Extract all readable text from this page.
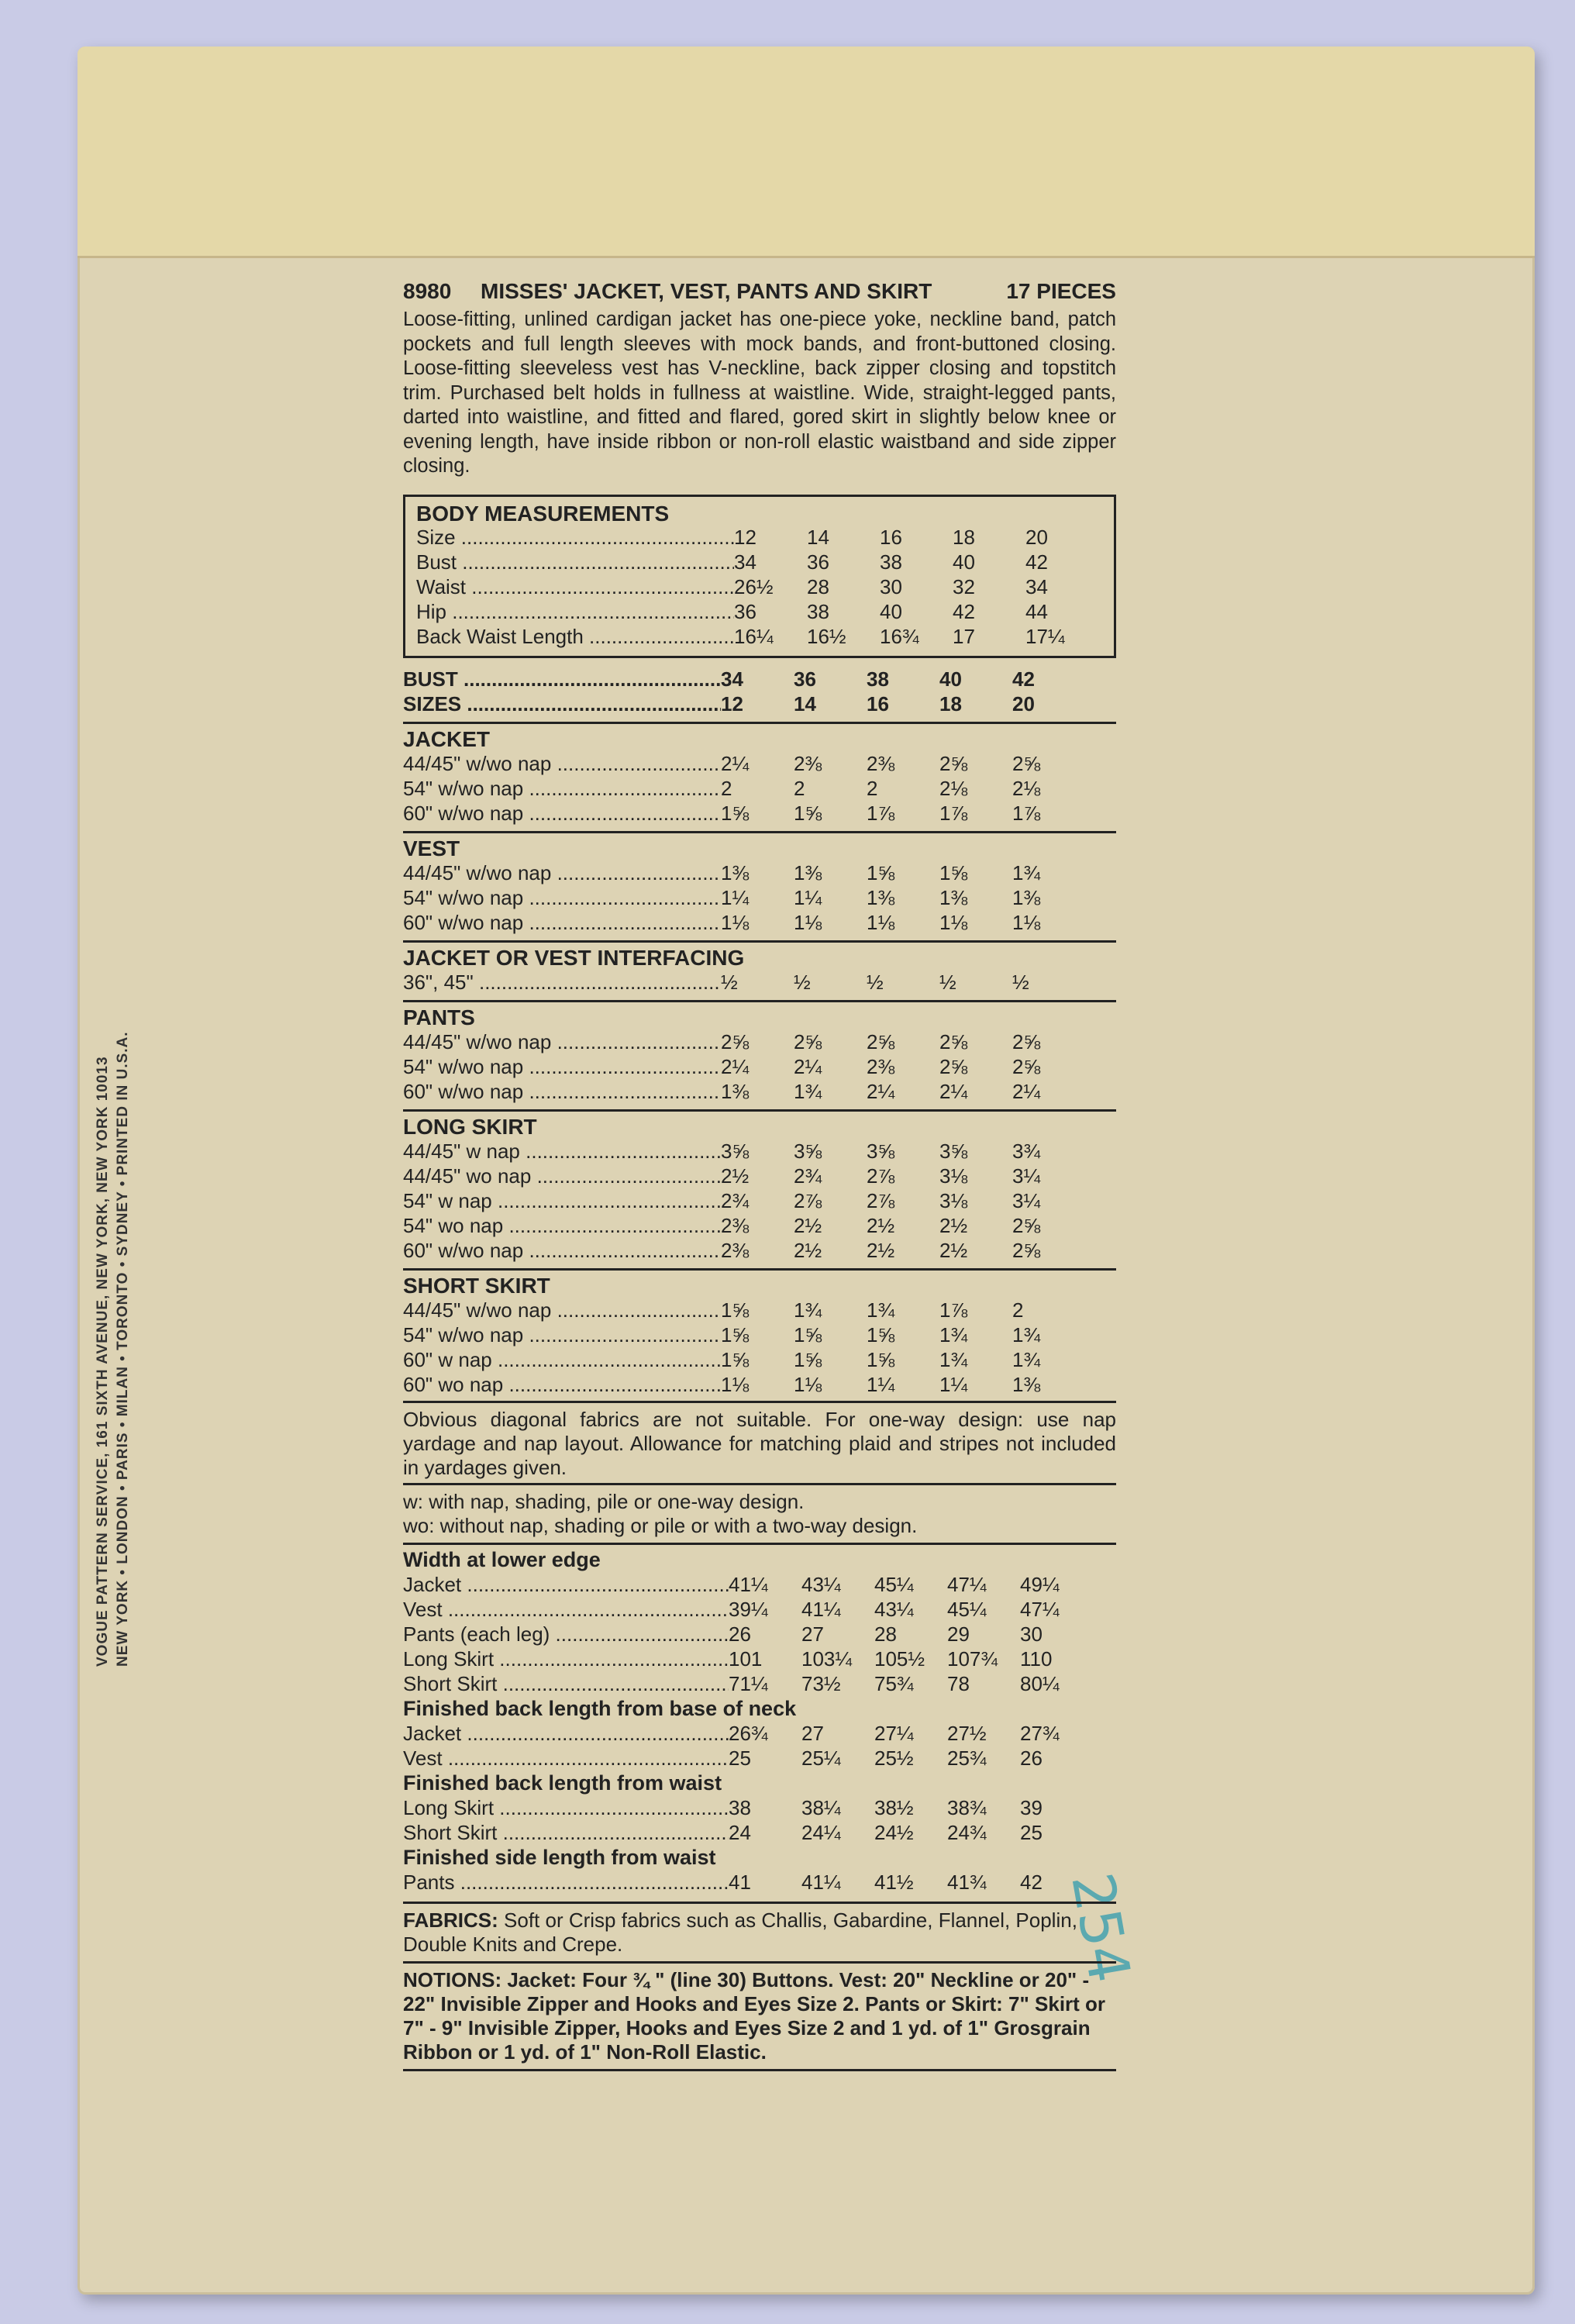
VOGUE PATTERN SERVICE, 161 SIXTH AVENUE, NEW YORK, NEW YORK 10013 NEW YORK • LONDON • PARIS • MILAN • TORONTO • SYDNEY • PRINTED IN U.S.A.
254
8980	MISSES' JACKET, VEST, PANTS AND SKIRT	17 PIECES
Loose-fitting, unlined cardigan jacket has one-piece yoke, neckline band, patch pockets and full length sleeves with mock bands, and front-buttoned closing. Loose-fitting sleeveless vest has V-neckline, back zipper closing and topstitch trim. Purchased belt holds in fullness at waistline. Wide, straight-legged pants, darted into waistline, and fitted and flared, gored skirt in slightly below knee or evening length, have inside ribbon or non-roll elastic waistband and side zipper closing.
BODY MEASUREMENTS
Size .....	12	14	16	18	20
Bust .....	34	36	38	40	42
Waist .....	26½	28	30	32	34
Hip .....	36	38	40	42	44
Back Waist Length .....	16¼	16½	16¾	17	17¼
BUST .....	34	36	38	40	42
SIZES .....	12	14	16	18	20
JACKET
44/45" w/wo nap .....	2¼	2⅜	2⅜	2⅝	2⅝
54" w/wo nap .....	2	2	2	2⅛	2⅛
60" w/wo nap .....	1⅝	1⅝	1⅞	1⅞	1⅞
VEST
44/45" w/wo nap .....	1⅜	1⅜	1⅝	1⅝	1¾
54" w/wo nap .....	1¼	1¼	1⅜	1⅜	1⅜
60" w/wo nap .....	1⅛	1⅛	1⅛	1⅛	1⅛
JACKET OR VEST INTERFACING
36", 45" .....	½	½	½	½	½
PANTS
44/45" w/wo nap .....	2⅝	2⅝	2⅝	2⅝	2⅝
54" w/wo nap .....	2¼	2¼	2⅜	2⅝	2⅝
60" w/wo nap .....	1⅜	1¾	2¼	2¼	2¼
LONG SKIRT
44/45" w nap .....	3⅝	3⅝	3⅝	3⅝	3¾
44/45" wo nap .....	2½	2¾	2⅞	3⅛	3¼
54" w nap .....	2¾	2⅞	2⅞	3⅛	3¼
54" wo nap .....	2⅜	2½	2½	2½	2⅝
60" w/wo nap .....	2⅜	2½	2½	2½	2⅝
SHORT SKIRT
44/45" w/wo nap .....	1⅝	1¾	1¾	1⅞	2
54" w/wo nap .....	1⅝	1⅝	1⅝	1¾	1¾
60" w nap .....	1⅝	1⅝	1⅝	1¾	1¾
60" wo nap .....	1⅛	1⅛	1¼	1¼	1⅜
Obvious diagonal fabrics are not suitable. For one-way design: use nap yardage and nap layout. Allowance for matching plaid and stripes not included in yardages given.
w: with nap, shading, pile or one-way design.
wo: without nap, shading or pile or with a two-way design.
Width at lower edge
Jacket .....	41¼	43¼	45¼	47¼	49¼
Vest .....	39¼	41¼	43¼	45¼	47¼
Pants (each leg) .....	26	27	28	29	30
Long Skirt .....	101	103¼	105½	107¾	110
Short Skirt .....	71¼	73½	75¾	78	80¼
Finished back length from base of neck
Jacket .....	26¾	27	27¼	27½	27¾
Vest .....	25	25¼	25½	25¾	26
Finished back length from waist
Long Skirt .....	38	38¼	38½	38¾	39
Short Skirt .....	24	24¼	24½	24¾	25
Finished side length from waist
Pants .....	41	41¼	41½	41¾	42
FABRICS: Soft or Crisp fabrics such as Challis, Gabardine, Flannel, Poplin, Double Knits and Crepe.
NOTIONS: Jacket: Four ¾ " (line 30) Buttons. Vest: 20" Neckline or 20" - 22" Invisible Zipper and Hooks and Eyes Size 2. Pants or Skirt: 7" Skirt or 7" - 9" Invisible Zipper, Hooks and Eyes Size 2 and 1 yd. of 1" Grosgrain Ribbon or 1 yd. of 1" Non-Roll Elastic.
